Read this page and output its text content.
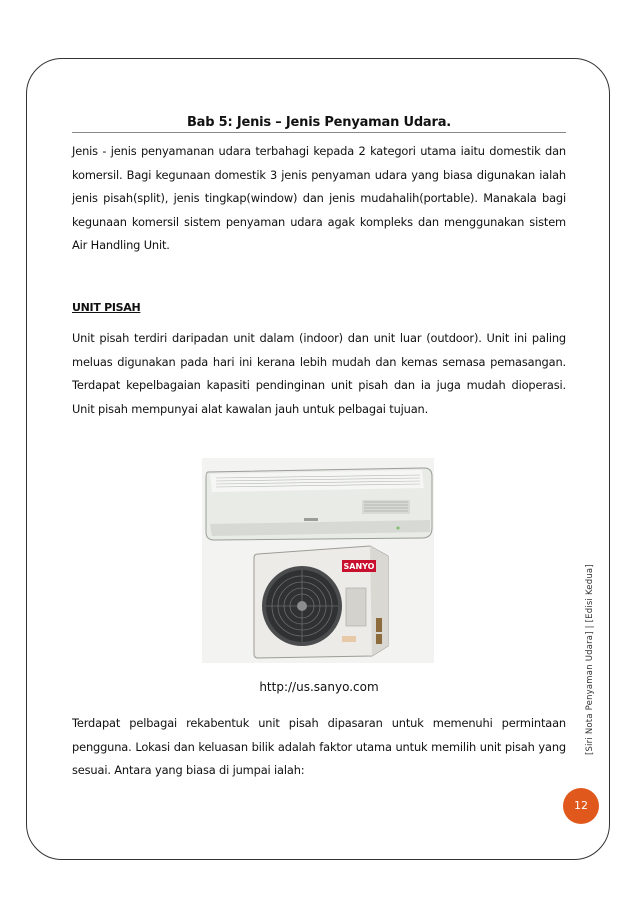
Bab 5: Jenis – Jenis Penyaman Udara.

Jenis - jenis penyamanan udara terbahagi kepada 2 kategori utama iaitu domestik dan komersil. Bagi kegunaan domestik 3 jenis penyaman udara yang biasa digunakan ialah jenis pisah(split), jenis tingkap(window) dan jenis mudahalih(portable). Manakala bagi kegunaan komersil sistem penyaman udara agak kompleks dan menggunakan sistem Air Handling Unit.

UNIT PISAH

Unit pisah terdiri daripadan unit dalam (indoor) dan unit luar (outdoor). Unit ini paling meluas digunakan pada hari ini kerana lebih mudah dan kemas semasa pemasangan. Terdapat kepelbagaian kapasiti pendinginan unit pisah dan ia juga mudah dioperasi. Unit pisah mempunyai alat kawalan jauh untuk pelbagai tujuan.

SANYO
http://us.sanyo.com

Terdapat pelbagai rekabentuk unit pisah dipasaran untuk memenuhi permintaan pengguna. Lokasi dan keluasan bilik adalah faktor utama untuk memilih unit pisah yang sesuai. Antara yang biasa di jumpai ialah:

[Siri Nota Penyaman Udara] | [Edisi Kedua]
12
